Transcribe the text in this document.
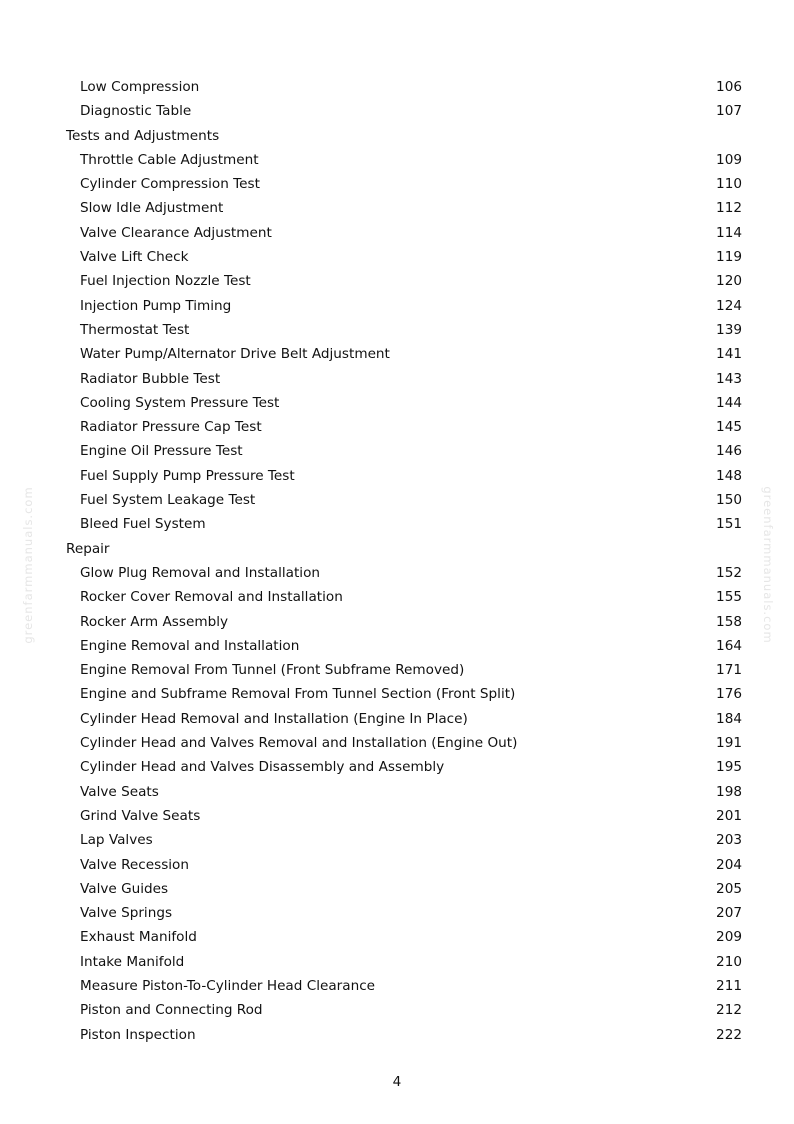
Low Compression	106
Diagnostic Table	107
Tests and Adjustments
Throttle Cable Adjustment	109
Cylinder Compression Test	110
Slow Idle Adjustment	112
Valve Clearance Adjustment	114
Valve Lift Check	119
Fuel Injection Nozzle Test	120
Injection Pump Timing	124
Thermostat Test	139
Water Pump/Alternator Drive Belt Adjustment	141
Radiator Bubble Test	143
Cooling System Pressure Test	144
Radiator Pressure Cap Test	145
Engine Oil Pressure Test	146
Fuel Supply Pump Pressure Test	148
Fuel System Leakage Test	150
Bleed Fuel System	151
Repair
Glow Plug Removal and Installation	152
Rocker Cover Removal and Installation	155
Rocker Arm Assembly	158
Engine Removal and Installation	164
Engine Removal From Tunnel (Front Subframe Removed)	171
Engine and Subframe Removal From Tunnel Section (Front Split)	176
Cylinder Head Removal and Installation (Engine In Place)	184
Cylinder Head and Valves Removal and Installation (Engine Out)	191
Cylinder Head and Valves Disassembly and Assembly	195
Valve Seats	198
Grind Valve Seats	201
Lap Valves	203
Valve Recession	204
Valve Guides	205
Valve Springs	207
Exhaust Manifold	209
Intake Manifold	210
Measure Piston-To-Cylinder Head Clearance	211
Piston and Connecting Rod	212
Piston Inspection	222
4
greenfarmmanuals.com	greenfarmmanuals.com
